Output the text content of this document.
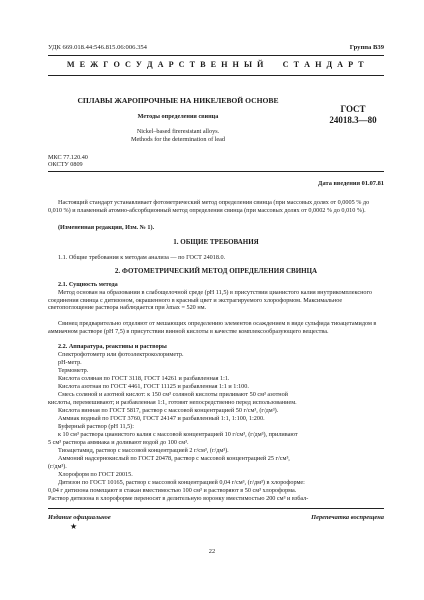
УДК 669.018.44:546.815.06:006.354	Группа В39
М Е Ж Г О С У Д А Р С Т В Е Н Н Ы Й     С Т А Н Д А Р Т
СПЛАВЫ ЖАРОПРОЧНЫЕ НА НИКЕЛЕВОЙ ОСНОВЕ
Методы определения свинца
Nickel–based fireresistant alloys.
Methods for the determination of lead
ГОСТ
24018.3—80
МКС 77.120.40
ОКСТУ 0809
Дата введения 01.07.81
Настоящий стандарт устанавливает фотометрический метод определения свинца (при массовых долях от 0,0005 % до 0,010 %) и пламенный атомно-абсорбционный метод определения свинца (при массовых долях от 0,0002 % до 0,010 %).
(Измененная редакция, Изм. № 1).
1. ОБЩИЕ ТРЕБОВАНИЯ
1.1. Общие требования к методам анализа — по ГОСТ 24018.0.
2. ФОТОМЕТРИЧЕСКИЙ МЕТОД ОПРЕДЕЛЕНИЯ СВИНЦА
2.1. Сущность метода
Метод основан на образовании в слабощелочной среде (pH 11,5) в присутствии цианистого калия внутрикомплексного соединения свинца с дитизоном, окрашенного в красный цвет и экстрагируемого хлороформом. Максимальное светопоглощение раствора наблюдается при λmax = 520 нм.
Свинец предварительно отделяют от мешающих определению элементов осаждением в виде сульфида тиоацетамидом в аммиачном растворе (pH 7,5) в присутствии винной кислоты в качестве комплексообразующего вещества.
2.2. Аппаратура, реактивы и растворы
Спектрофотометр или фотоэлектроколориметр.
pH-метр.
Термометр.
Кислота соляная по ГОСТ 3118, ГОСТ 14261 и разбавленная 1:1.
Кислота азотная по ГОСТ 4461, ГОСТ 11125 и разбавленная 1:1 и 1:100.
Смесь соляной и азотной кислот: к 150 см³ соляной кислоты приливают 50 см³ азотной
кислоты, перемешивают; и разбавленная 1:1, готовят непосредственно перед использованием.
Кислота винная по ГОСТ 5817, раствор с массовой концентрацией 50 г/см³, (г/дм³).
Аммиак водный по ГОСТ 3760, ГОСТ 24147 и разбавленный 1:1, 1:100, 1:200.
Буферный раствор (pH 11,5):
к 10 см³ раствора цианистого калия с массовой концентрацией 10 г/см³, (г/дм³), приливают
5 см³ раствора аммиака и доливают водой до 100 см³.
Тиоацетамид, раствор с массовой концентрацией 2 г/см³, (г/дм³).
Аммоний надсернокислый по ГОСТ 20478, раствор с массовой концентрацией 25 г/см³,
(г/дм³).
Хлороформ по ГОСТ 20015.
Дитизон по ГОСТ 10165, раствор с массовой концентрацией 0,04 г/см³, (г/дм³) в хлороформе:
0,04 г дитизона помещают в стакан вместимостью 100 см³ и растворяют в 50 см³ хлороформа.
Раствор дитизона в хлороформе переносят в делительную воронку вместимостью 200 см³ и взбал-
Издание официальное	Перепечатка воспрещена
★
22
